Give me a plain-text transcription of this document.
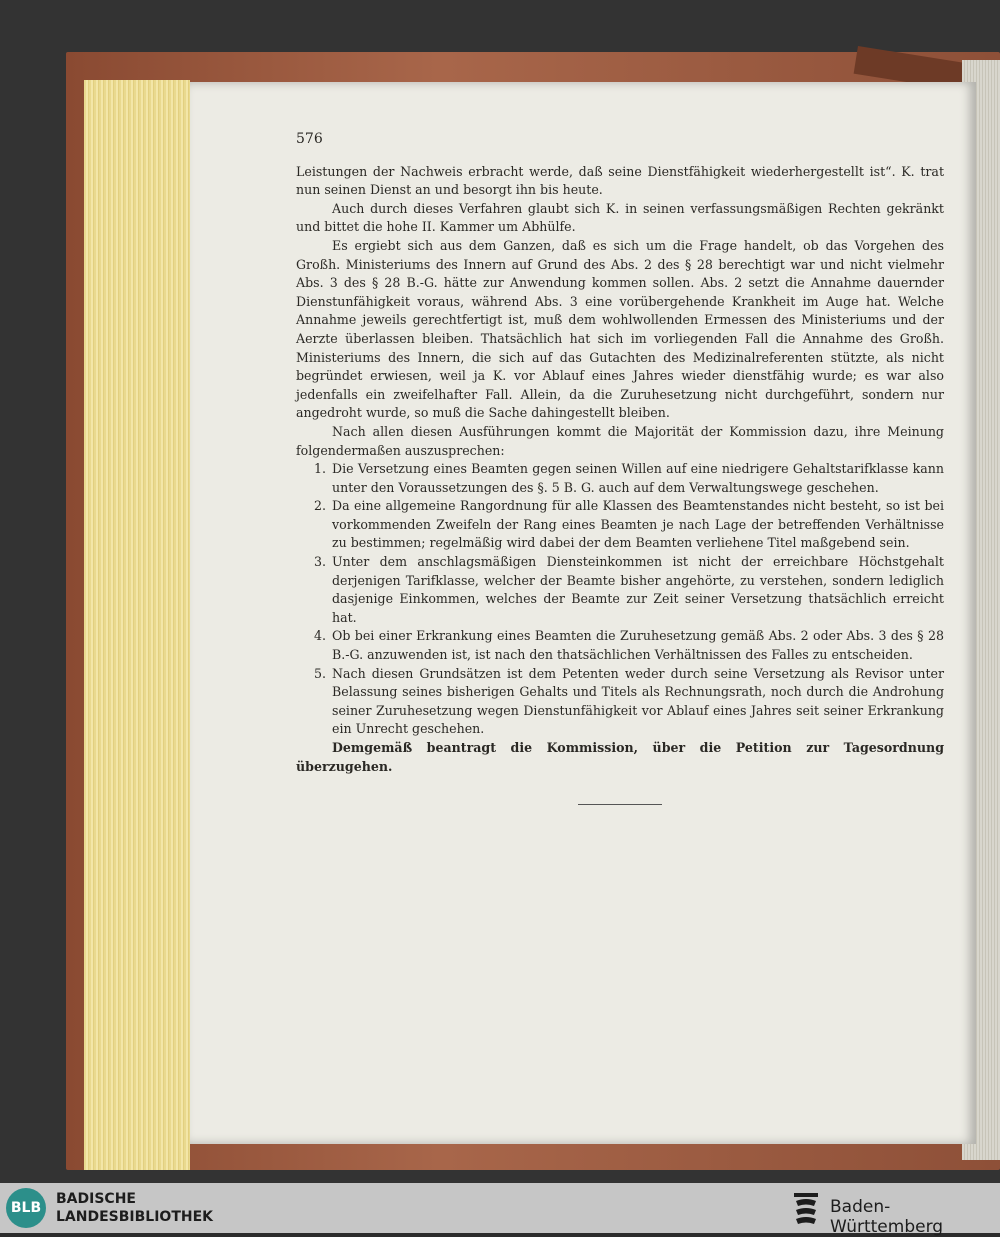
576

Leistungen der Nachweis erbracht werde, daß seine Dienstfähigkeit wiederhergestellt ist“. K. trat nun seinen Dienst an und besorgt ihn bis heute.

Auch durch dieses Verfahren glaubt sich K. in seinen verfassungsmäßigen Rechten gekränkt und bittet die hohe II. Kammer um Abhülfe.

Es ergiebt sich aus dem Ganzen, daß es sich um die Frage handelt, ob das Vorgehen des Großh. Ministeriums des Innern auf Grund des Abs. 2 des § 28 berechtigt war und nicht vielmehr Abs. 3 des § 28 B.-G. hätte zur Anwendung kommen sollen. Abs. 2 setzt die Annahme dauernder Dienstunfähigkeit voraus, während Abs. 3 eine vorübergehende Krankheit im Auge hat. Welche Annahme jeweils gerechtfertigt ist, muß dem wohlwollenden Ermessen des Ministeriums und der Aerzte überlassen bleiben. Thatsächlich hat sich im vorliegenden Fall die Annahme des Großh. Ministeriums des Innern, die sich auf das Gutachten des Medizinalreferenten stützte, als nicht begründet erwiesen, weil ja K. vor Ablauf eines Jahres wieder dienstfähig wurde; es war also jedenfalls ein zweifelhafter Fall. Allein, da die Zuruhesetzung nicht durchgeführt, sondern nur angedroht wurde, so muß die Sache dahingestellt bleiben.

Nach allen diesen Ausführungen kommt die Majorität der Kommission dazu, ihre Meinung folgendermaßen auszusprechen:

1. Die Versetzung eines Beamten gegen seinen Willen auf eine niedrigere Gehaltstarifklasse kann unter den Voraussetzungen des §. 5 B. G. auch auf dem Verwaltungswege geschehen.
2. Da eine allgemeine Rangordnung für alle Klassen des Beamtenstandes nicht besteht, so ist bei vorkommenden Zweifeln der Rang eines Beamten je nach Lage der betreffenden Verhältnisse zu bestimmen; regelmäßig wird dabei der dem Beamten verliehene Titel maßgebend sein.
3. Unter dem anschlagsmäßigen Diensteinkommen ist nicht der erreichbare Höchstgehalt derjenigen Tarifklasse, welcher der Beamte bisher angehörte, zu verstehen, sondern lediglich dasjenige Einkommen, welches der Beamte zur Zeit seiner Versetzung thatsächlich erreicht hat.
4. Ob bei einer Erkrankung eines Beamten die Zuruhesetzung gemäß Abs. 2 oder Abs. 3 des § 28 B.-G. anzuwenden ist, ist nach den thatsächlichen Verhältnissen des Falles zu entscheiden.
5. Nach diesen Grundsätzen ist dem Petenten weder durch seine Versetzung als Revisor unter Belassung seines bisherigen Gehalts und Titels als Rechnungsrath, noch durch die Androhung seiner Zuruhesetzung wegen Dienstunfähigkeit vor Ablauf eines Jahres seit seiner Erkrankung ein Unrecht geschehen.

Demgemäß beantragt die Kommission, über die Petition zur Tagesordnung überzugehen.

BLB
BADISCHE
LANDESBIBLIOTHEK	Baden-Württemberg
